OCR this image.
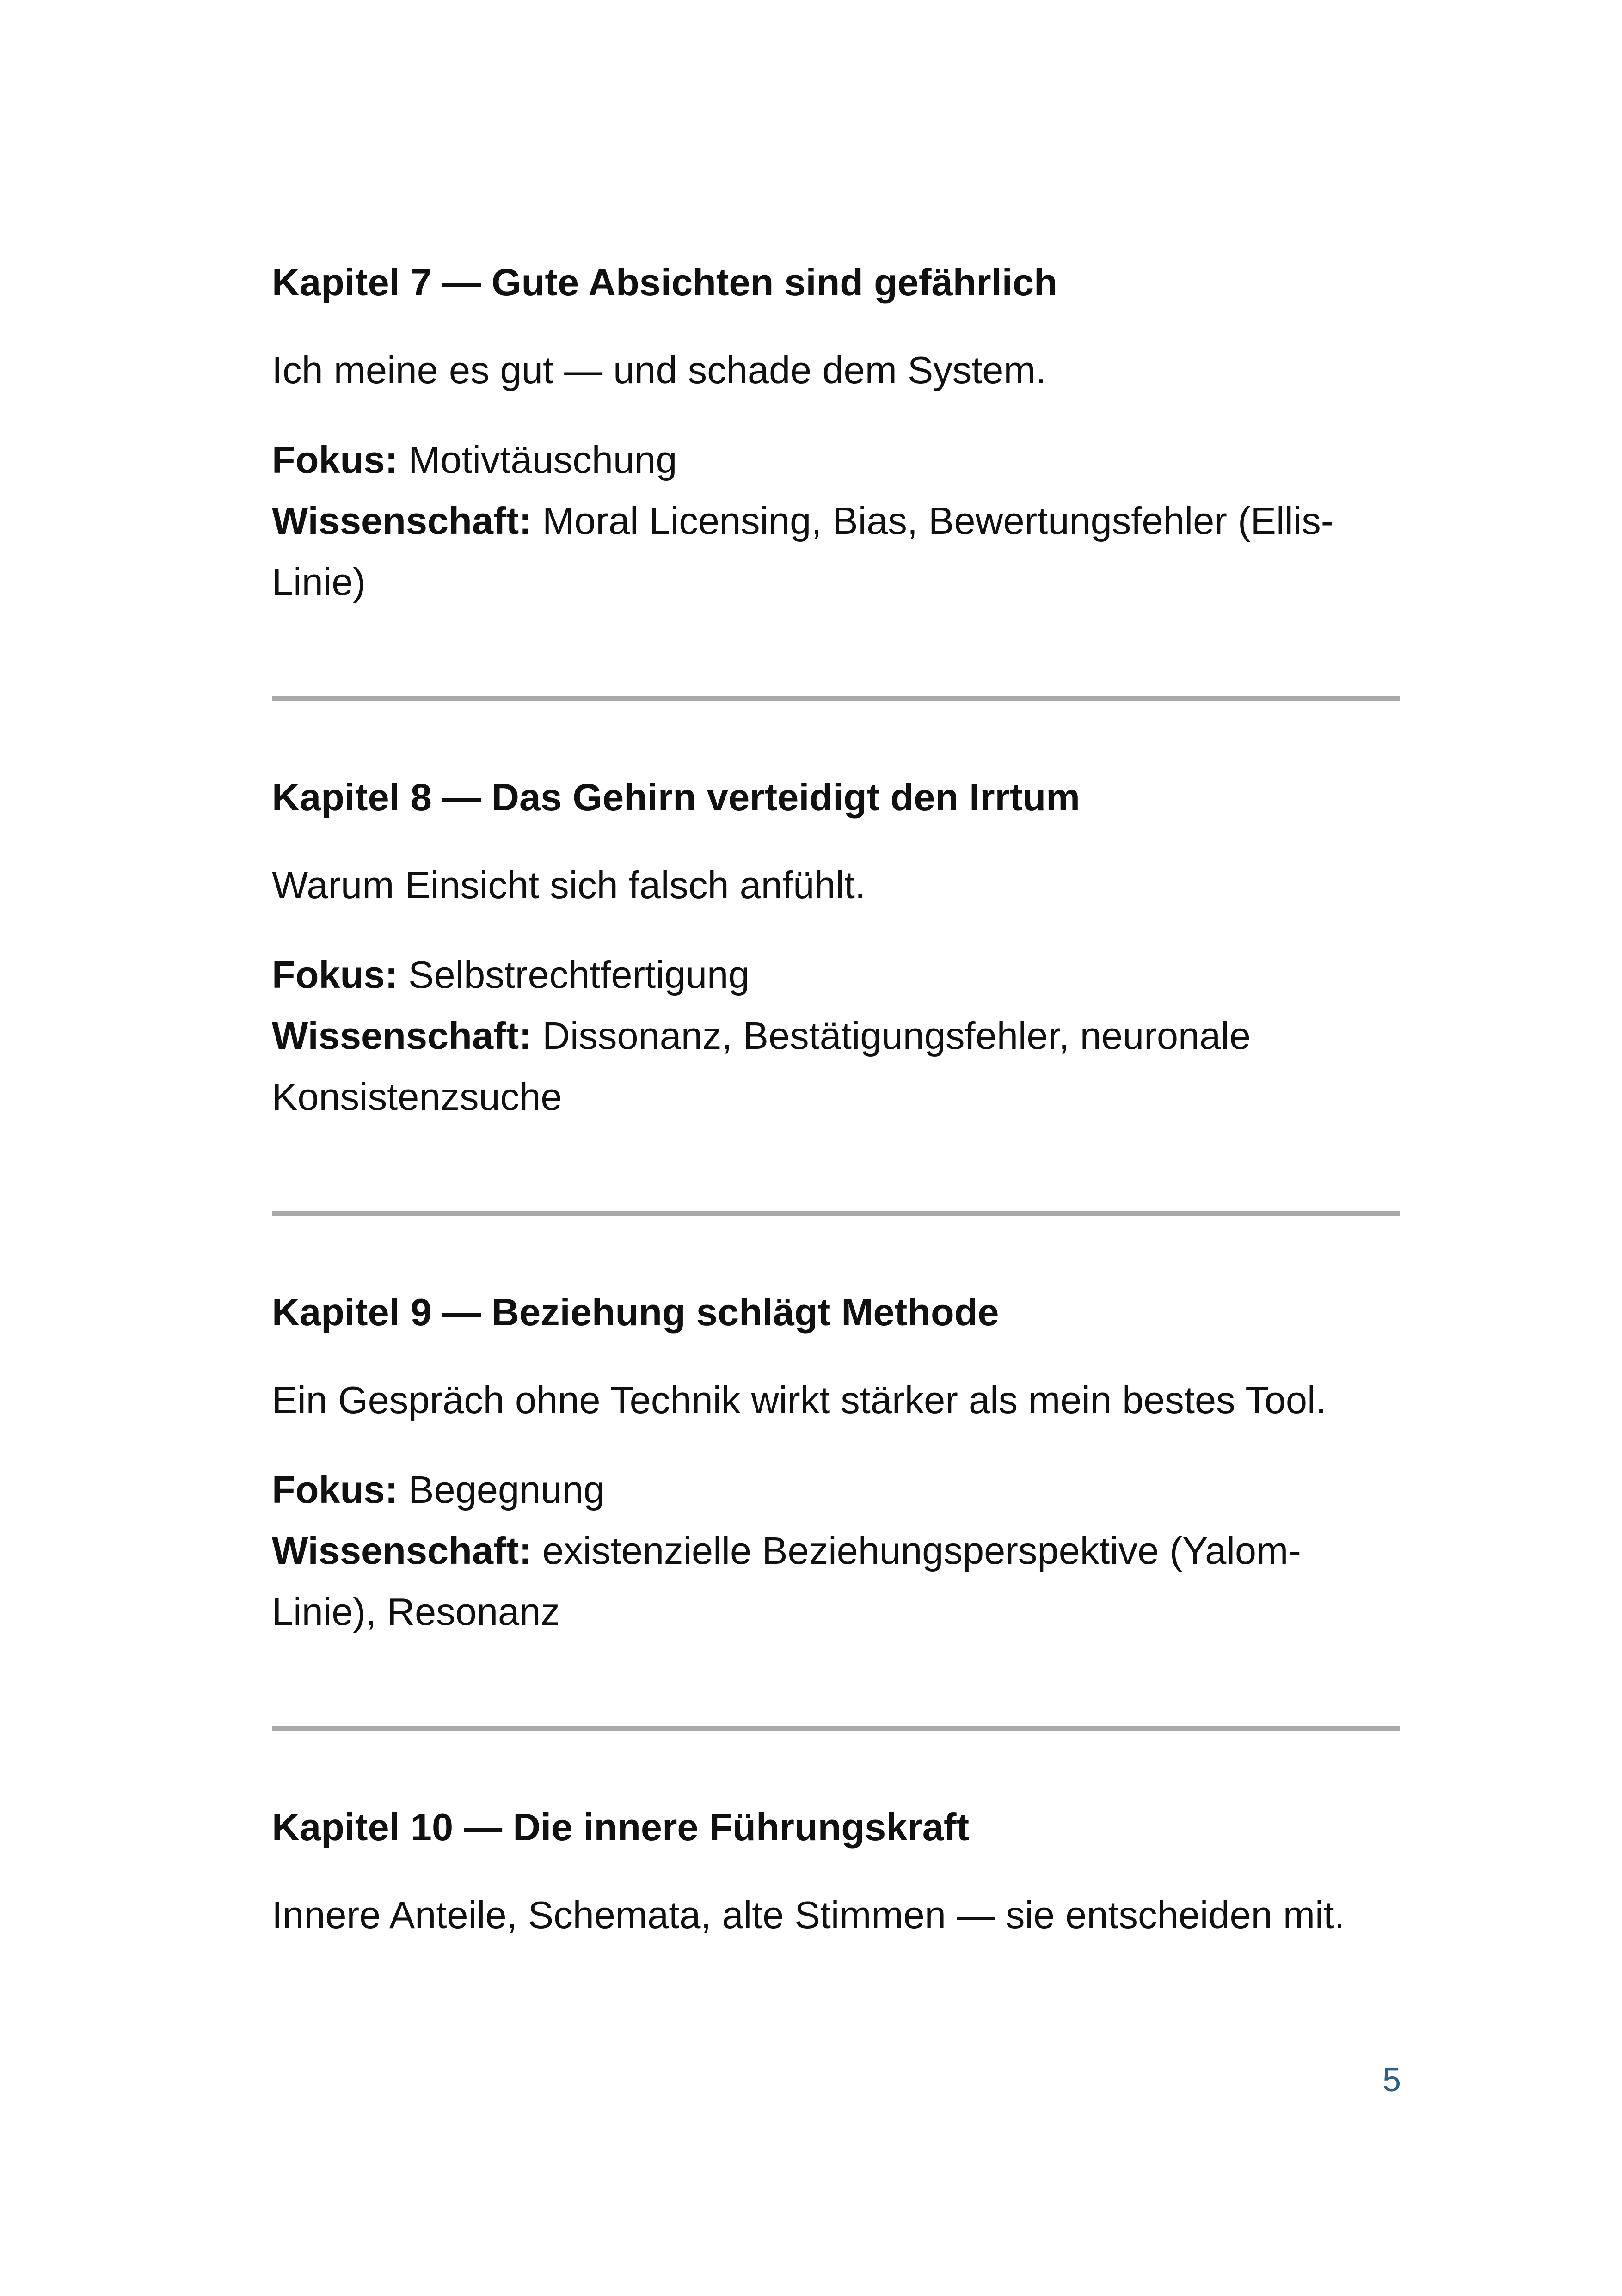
Kapitel 7 — Gute Absichten sind gefährlich

Ich meine es gut — und schade dem System.

Fokus: Motivtäuschung

Wissenschaft: Moral Licensing, Bias, Bewertungsfehler (Ellis-Linie)

Kapitel 8 — Das Gehirn verteidigt den Irrtum

Warum Einsicht sich falsch anfühlt.

Fokus: Selbstrechtfertigung

Wissenschaft: Dissonanz, Bestätigungsfehler, neuronale Konsistenzsuche

Kapitel 9 — Beziehung schlägt Methode

Ein Gespräch ohne Technik wirkt stärker als mein bestes Tool.

Fokus: Begegnung

Wissenschaft: existenzielle Beziehungsperspektive (Yalom-Linie), Resonanz

Kapitel 10 — Die innere Führungskraft

Innere Anteile, Schemata, alte Stimmen — sie entscheiden mit.

5
